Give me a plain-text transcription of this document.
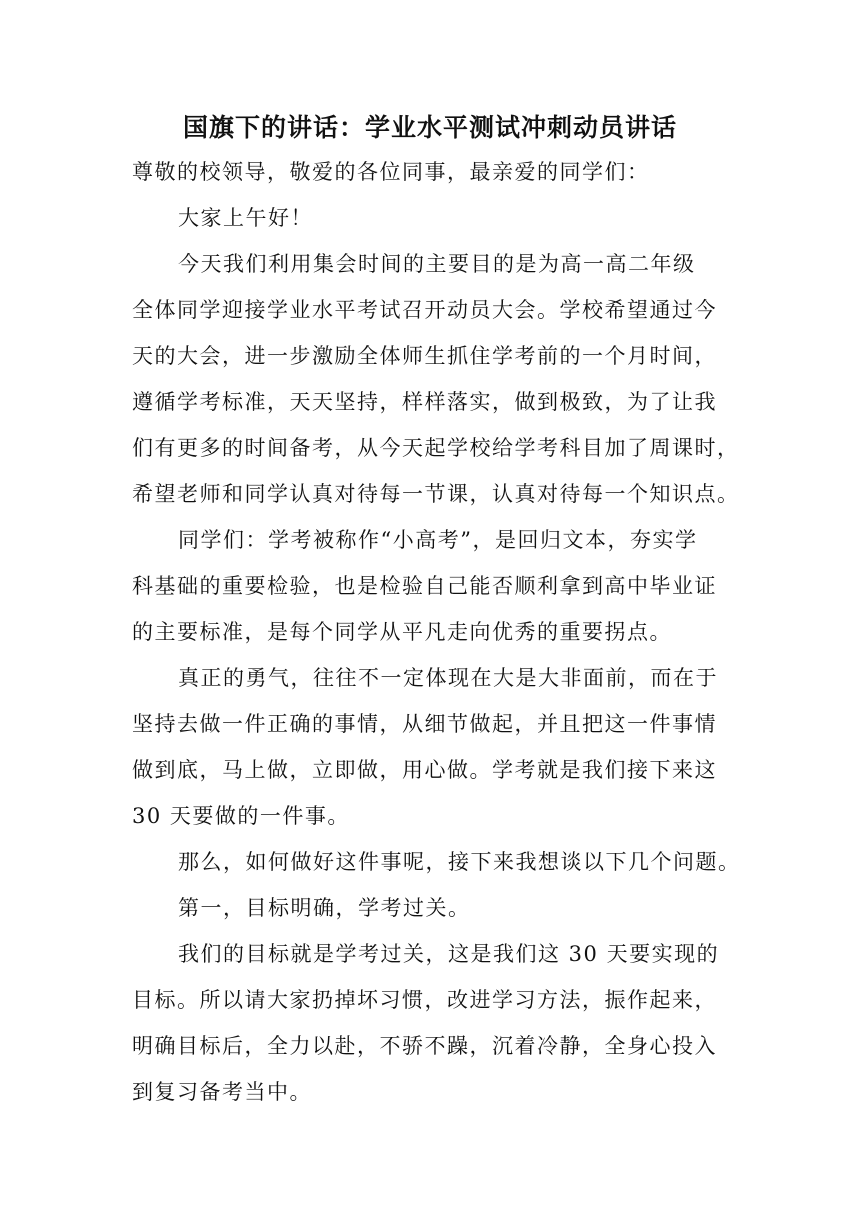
国旗下的讲话：学业水平测试冲刺动员讲话
尊敬的校领导，敬爱的各位同事，最亲爱的同学们：
大家上午好！
今天我们利用集会时间的主要目的是为高一高二年级
全体同学迎接学业水平考试召开动员大会。学校希望通过今
天的大会，进一步激励全体师生抓住学考前的一个月时间，
遵循学考标准，天天坚持，样样落实，做到极致，为了让我
们有更多的时间备考，从今天起学校给学考科目加了周课时，
希望老师和同学认真对待每一节课，认真对待每一个知识点。
同学们：学考被称作“小高考”，是回归文本，夯实学
科基础的重要检验，也是检验自己能否顺利拿到高中毕业证
的主要标准，是每个同学从平凡走向优秀的重要拐点。
真正的勇气，往往不一定体现在大是大非面前，而在于
坚持去做一件正确的事情，从细节做起，并且把这一件事情
做到底，马上做，立即做，用心做。学考就是我们接下来这
30 天要做的一件事。
那么，如何做好这件事呢，接下来我想谈以下几个问题。
第一，目标明确，学考过关。
我们的目标就是学考过关，这是我们这 30 天要实现的
目标。所以请大家扔掉坏习惯，改进学习方法，振作起来，
明确目标后，全力以赴，不骄不躁，沉着冷静，全身心投入
到复习备考当中。
